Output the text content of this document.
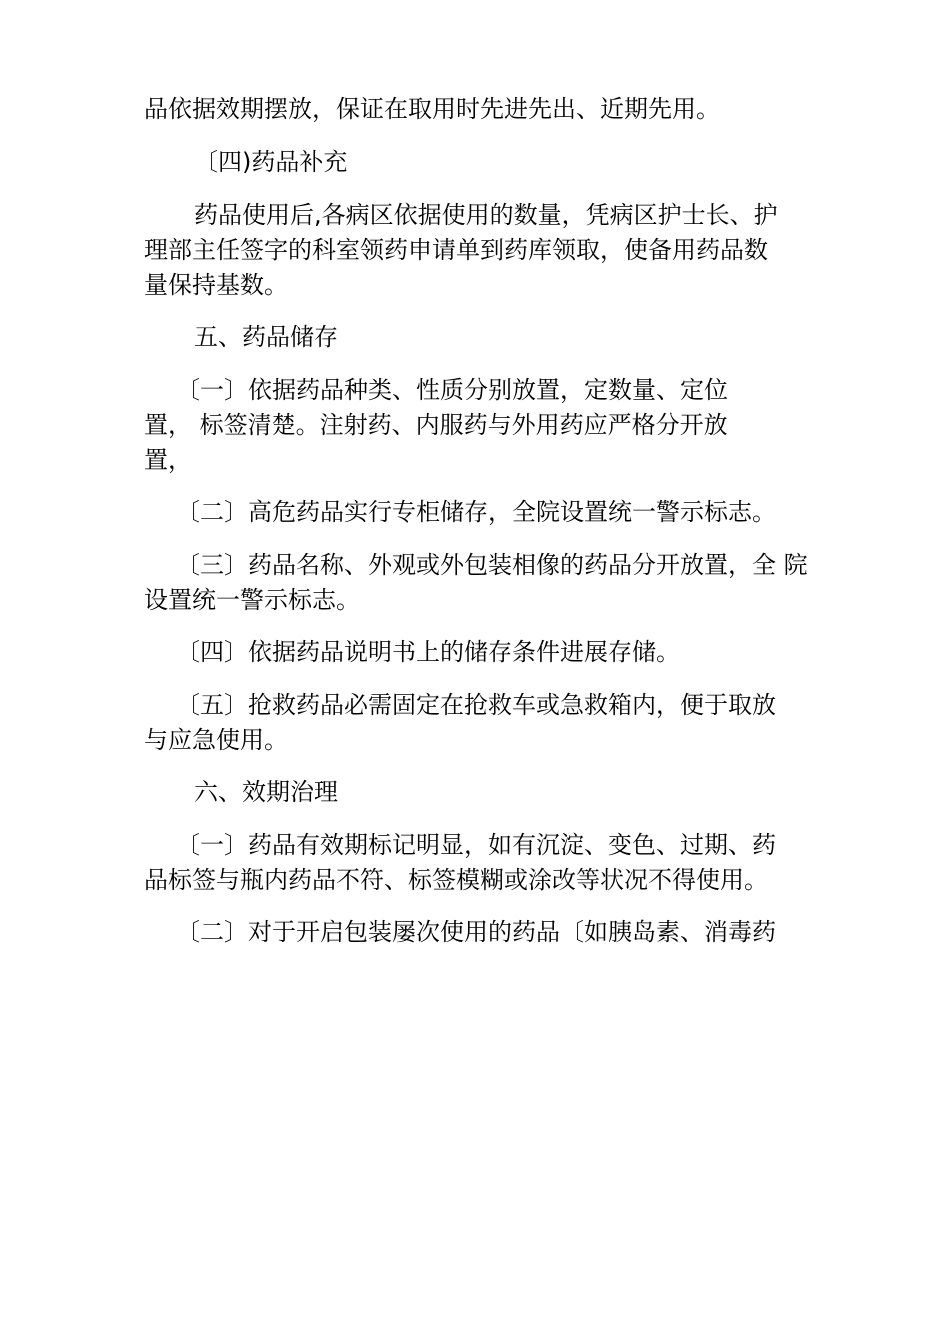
品依据效期摆放，保证在取用时先进先出、近期先用。
〔四)药品补充
药品使用后,各病区依据使用的数量，凭病区护士长、护
理部主任签字的科室领药申请单到药库领取，使备用药品数
量保持基数。
五、药品储存
〔一〕依据药品种类、性质分别放置，定数量、定位
置， 标签清楚。注射药、内服药与外用药应严格分开放
置，
〔二〕高危药品实行专柜储存，全院设置统一警示标志。
〔三〕药品名称、外观或外包装相像的药品分开放置，全 院
设置统一警示标志。
〔四〕依据药品说明书上的储存条件进展存储。
〔五〕抢救药品必需固定在抢救车或急救箱内，便于取放
与应急使用。
六、效期治理
〔一〕药品有效期标记明显，如有沉淀、变色、过期、药
品标签与瓶内药品不符、标签模糊或涂改等状况不得使用。
〔二〕对于开启包装屡次使用的药品〔如胰岛素、消毒药
